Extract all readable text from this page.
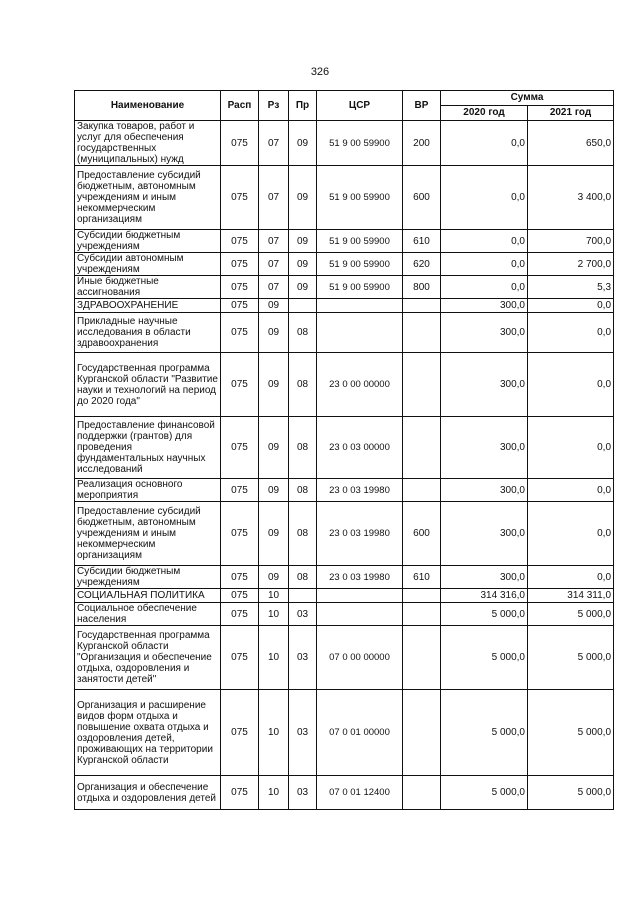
326
Наименование	Расп	Рз	Пр	ЦСР	ВР	Сумма	
						2020 год	2021 год
Закупка товаров, работ и услуг для обеспечения государственных (муниципальных) нужд	075	07	09	51 9 00 59900	200	0,0	650,0
Предоставление субсидий бюджетным, автономным учреждениям и иным некоммерческим организациям	075	07	09	51 9 00 59900	600	0,0	3 400,0
Субсидии бюджетным учреждениям	075	07	09	51 9 00 59900	610	0,0	700,0
Субсидии автономным учреждениям	075	07	09	51 9 00 59900	620	0,0	2 700,0
Иные бюджетные ассигнования	075	07	09	51 9 00 59900	800	0,0	5,3
ЗДРАВООХРАНЕНИЕ	075	09				300,0	0,0
Прикладные научные исследования в области здравоохранения	075	09	08			300,0	0,0
Государственная программа Курганской области "Развитие науки и технологий на период до 2020 года"	075	09	08	23 0 00 00000		300,0	0,0
Предоставление финансовой поддержки (грантов) для проведения фундаментальных научных исследований	075	09	08	23 0 03 00000		300,0	0,0
Реализация основного мероприятия	075	09	08	23 0 03 19980		300,0	0,0
Предоставление субсидий бюджетным, автономным учреждениям и иным некоммерческим организациям	075	09	08	23 0 03 19980	600	300,0	0,0
Субсидии бюджетным учреждениям	075	09	08	23 0 03 19980	610	300,0	0,0
СОЦИАЛЬНАЯ ПОЛИТИКА	075	10				314 316,0	314 311,0
Социальное обеспечение населения	075	10	03			5 000,0	5 000,0
Государственная программа Курганской области "Организация и обеспечение отдыха, оздоровления и занятости детей"	075	10	03	07 0 00 00000		5 000,0	5 000,0
Организация и расширение видов форм отдыха и повышение охвата отдыха и оздоровления детей, проживающих на территории Курганской области	075	10	03	07 0 01 00000		5 000,0	5 000,0
Организация и обеспечение отдыха и оздоровления детей	075	10	03	07 0 01 12400		5 000,0	5 000,0
